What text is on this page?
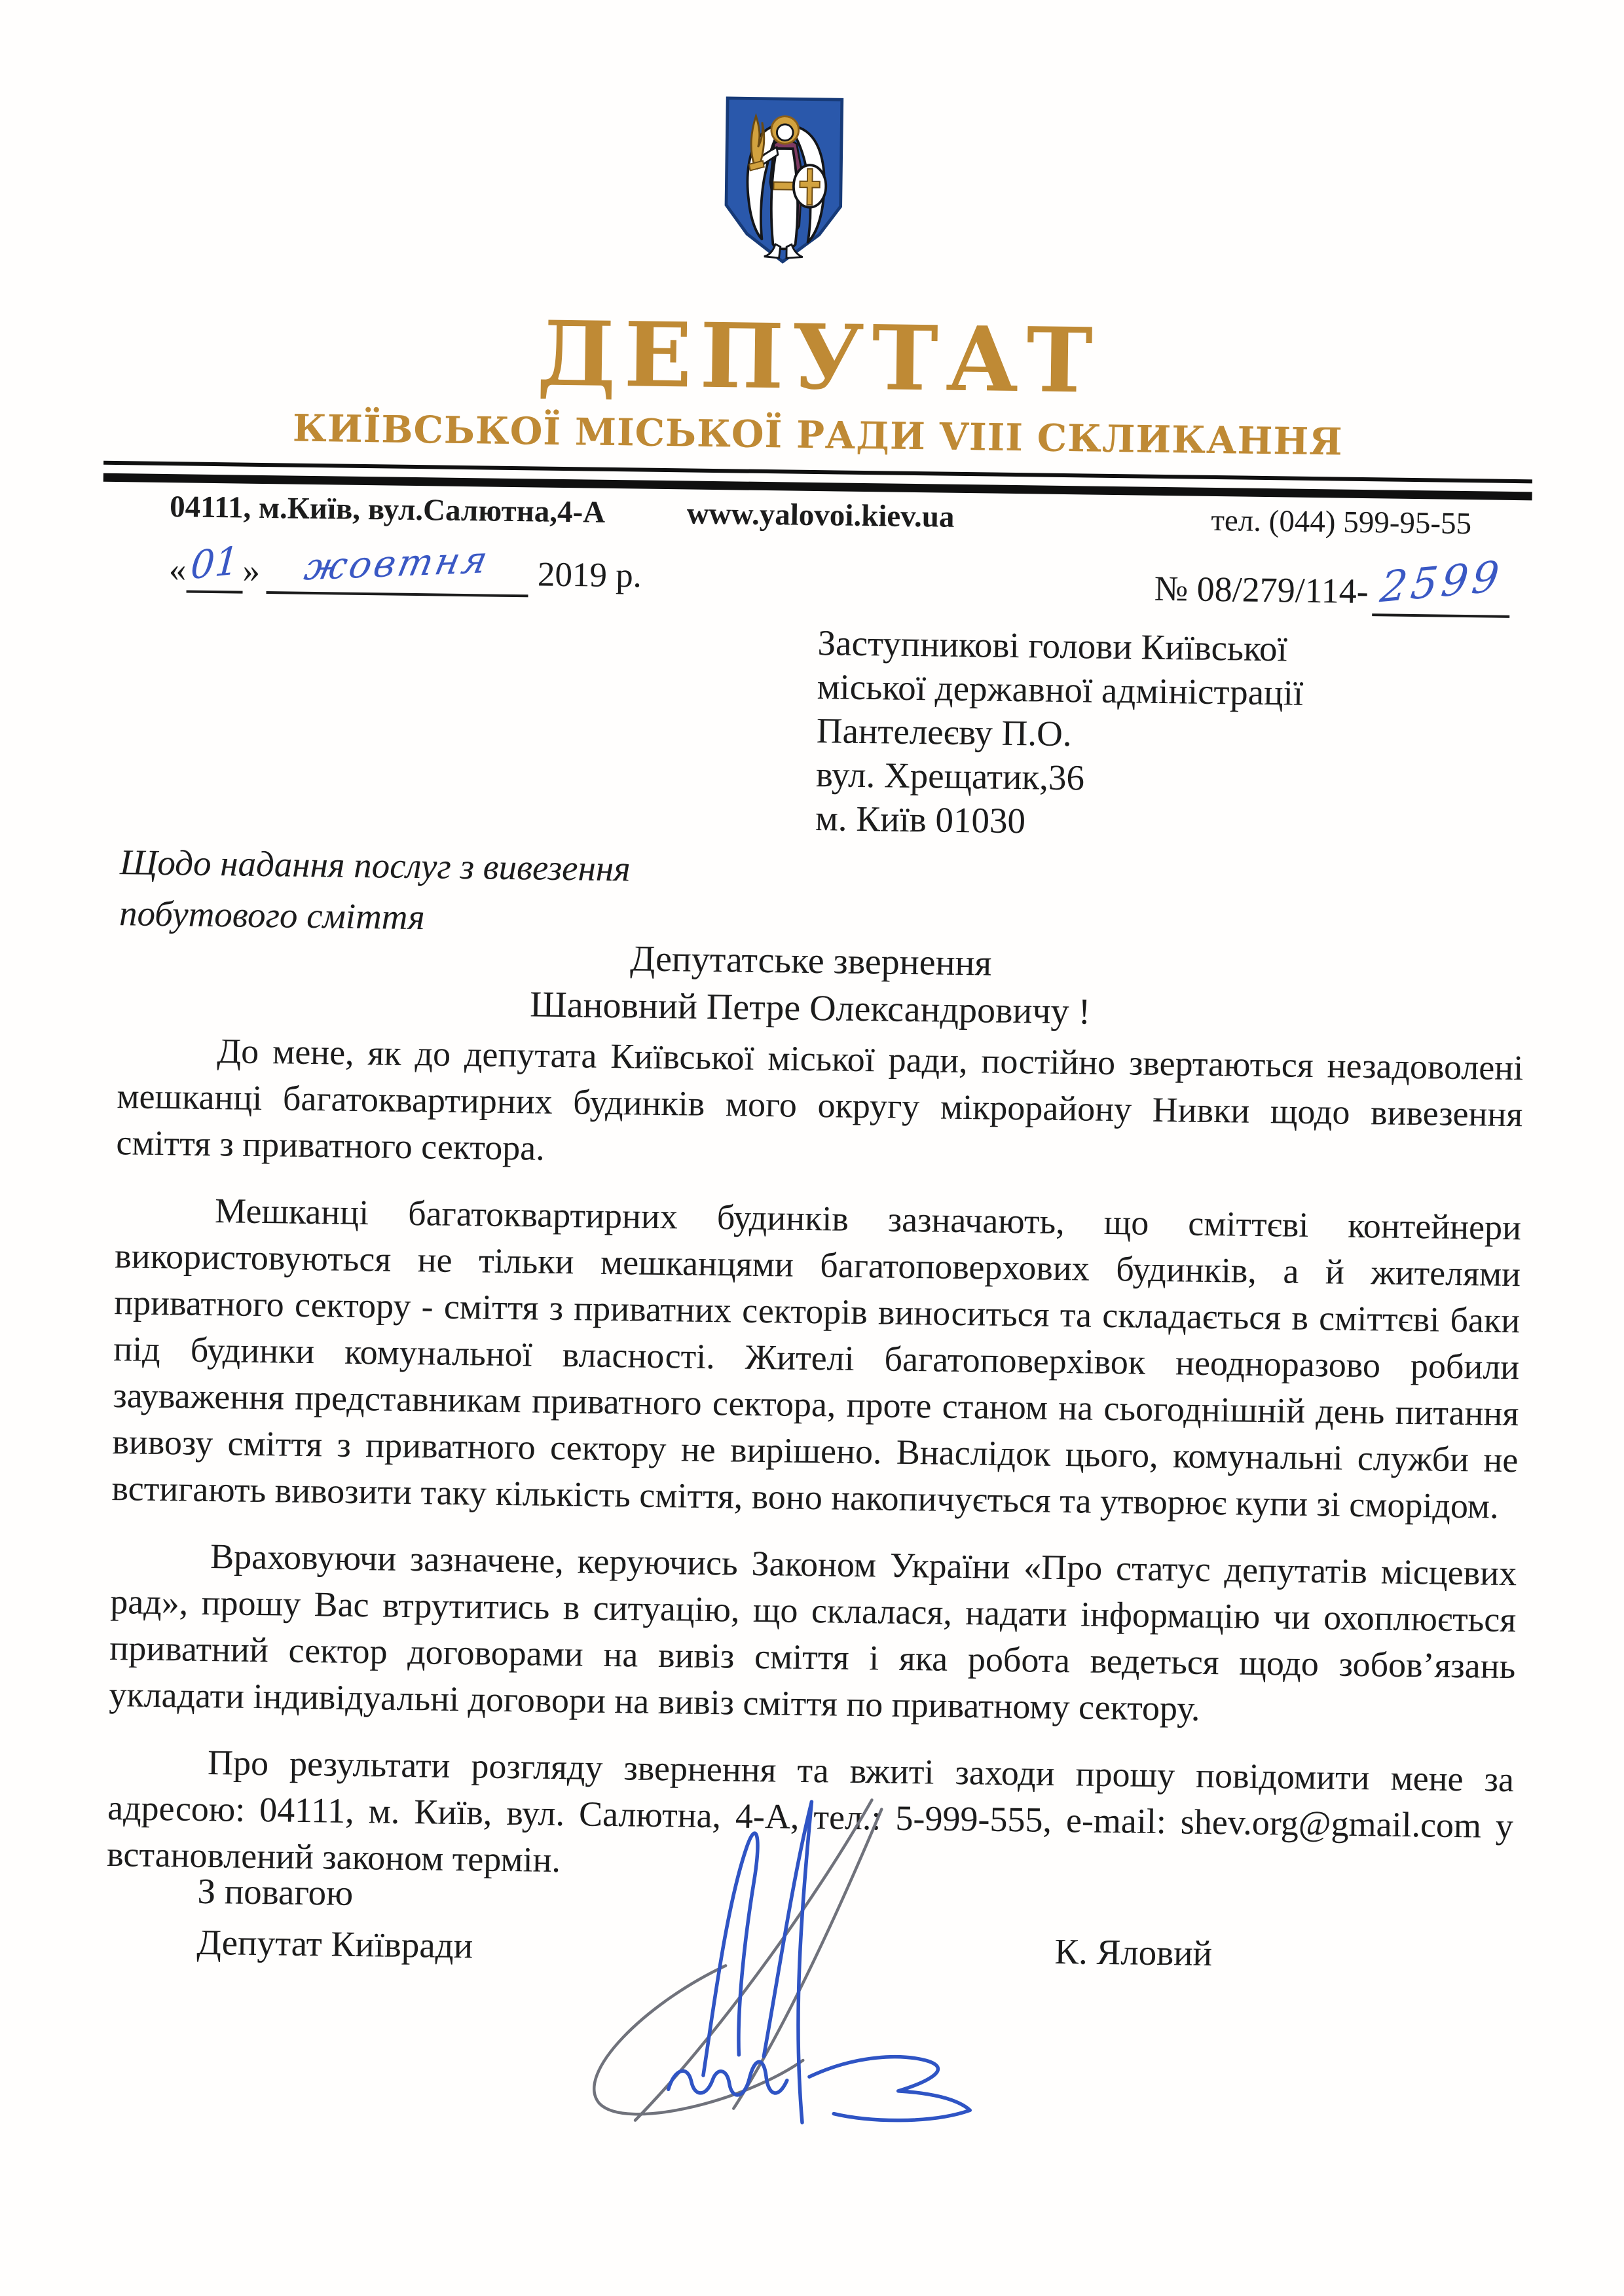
ДЕПУТАТ
КИЇВСЬКОЇ МІСЬКОЇ РАДИ VIII СКЛИКАННЯ
04111, м.Київ, вул.Салютна,4-А	www.yalovoi.kiev.ua	тел. (044) 599-95-55
«01» жовтня 2019 р.	№ 08/279/114- 2599
Заступникові голови Київської
міської державної адміністрації
Пантелеєву П.О.
вул. Хрещатик,36
м. Київ 01030
Щодо надання послуг з вивезення
побутового сміття
Депутатське звернення
Шановний Петре Олександровичу !

До мене, як до депутата Київської міської ради, постійно звертаються незадоволені мешканці багатоквартирних будинків мого округу мікрорайону Нивки щодо вивезення сміття з приватного сектора.

Мешканці багатоквартирних будинків зазначають, що сміттєві контейнери використовуються не тільки мешканцями багатоповерхових будинків, а й жителями приватного сектору - сміття з приватних секторів виноситься та складається в сміттєві баки під будинки комунальної власності. Жителі багатоповерхівок неодноразово робили зауваження представникам приватного сектора, проте станом на сьогоднішній день питання вивозу сміття з приватного сектору не вирішено. Внаслідок цього, комунальні служби не встигають вивозити таку кількість сміття, воно накопичується та утворює купи зі сморідом.

Враховуючи зазначене, керуючись Законом України «Про статус депутатів місцевих рад», прошу Вас втрутитись в ситуацію, що склалася, надати інформацію чи охоплюється приватний сектор договорами на вивіз сміття і яка робота ведеться щодо зобов’язань укладати індивідуальні договори на вивіз сміття по приватному сектору.

Про результати розгляду звернення та вжиті заходи прошу повідомити мене за адресою: 04111, м. Київ, вул. Салютна, 4-А, тел.: 5-999-555, e-mail: shev.org@gmail.com у встановлений законом термін.

З повагою
Депутат Київради	К. Яловий
